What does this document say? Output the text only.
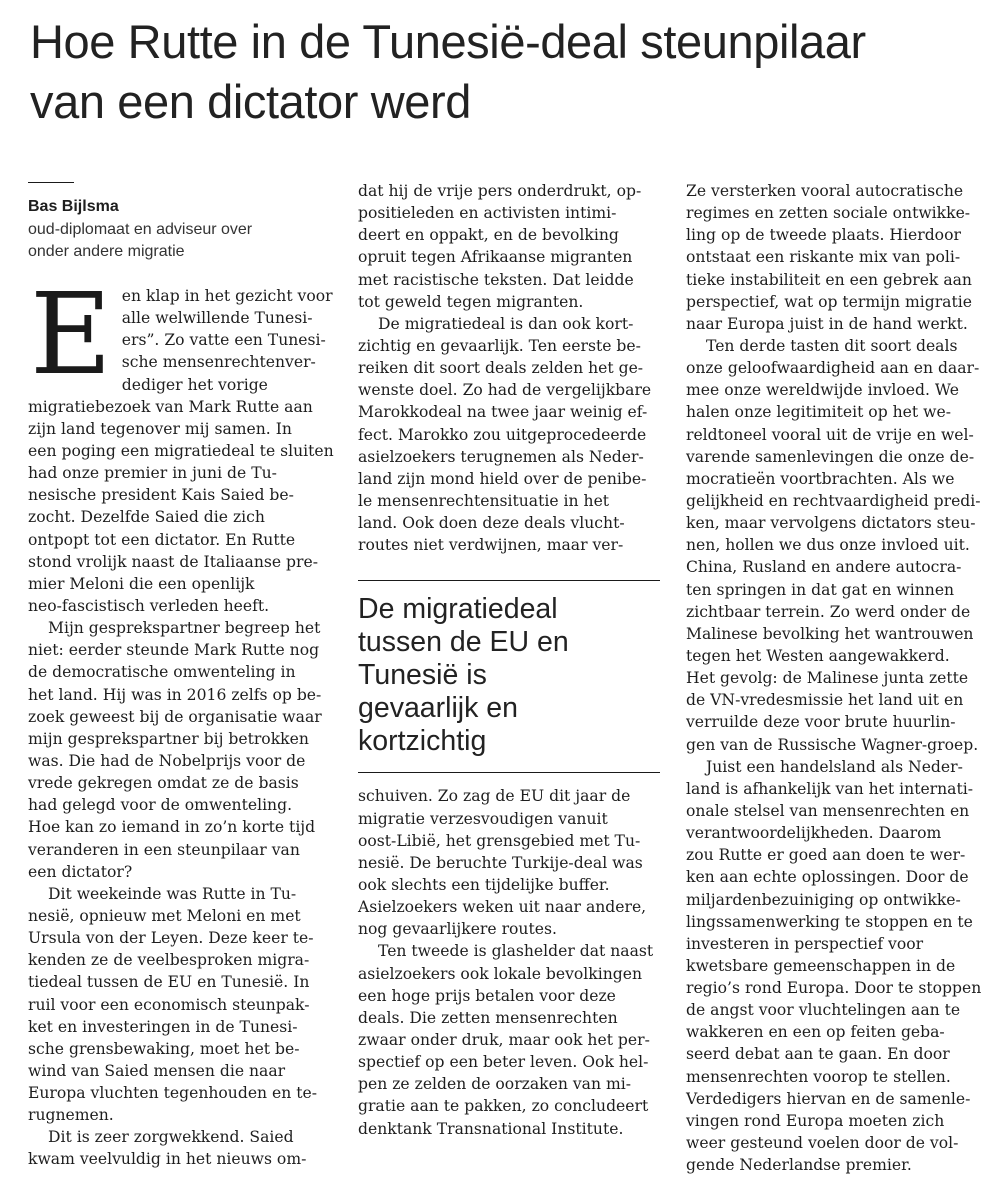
Hoe Rutte in de Tunesië-deal steunpilaar
van een dictator werd
Bas Bijlsma
oud-diplomaat en adviseur over
onder andere migratie
E en klap in het gezicht voor
alle welwillende Tunesi-
ers”. Zo vatte een Tunesi-
sche mensenrechtenver-
dediger het vorige
migratiebezoek van Mark Rutte aan
zijn land tegenover mij samen. In
een poging een migratiedeal te sluiten
had onze premier in juni de Tu-
nesische president Kais Saied be-
zocht. Dezelfde Saied die zich
ontpopt tot een dictator. En Rutte
stond vrolijk naast de Italiaanse pre-
mier Meloni die een openlijk
neo-fascistisch verleden heeft.
Mijn gesprekspartner begreep het
niet: eerder steunde Mark Rutte nog
de democratische omwenteling in
het land. Hij was in 2016 zelfs op be-
zoek geweest bij de organisatie waar
mijn gesprekspartner bij betrokken
was. Die had de Nobelprijs voor de
vrede gekregen omdat ze de basis
had gelegd voor de omwenteling.
Hoe kan zo iemand in zo’n korte tijd
veranderen in een steunpilaar van
een dictator?
Dit weekeinde was Rutte in Tu-
nesië, opnieuw met Meloni en met
Ursula von der Leyen. Deze keer te-
kenden ze de veelbesproken migra-
tiedeal tussen de EU en Tunesië. In
ruil voor een economisch steunpak-
ket en investeringen in de Tunesi-
sche grensbewaking, moet het be-
wind van Saied mensen die naar
Europa vluchten tegenhouden en te-
rugnemen.
Dit is zeer zorgwekkend. Saied
kwam veelvuldig in het nieuws om-
dat hij de vrije pers onderdrukt, op-
positieleden en activisten intimi-
deert en oppakt, en de bevolking
opruit tegen Afrikaanse migranten
met racistische teksten. Dat leidde
tot geweld tegen migranten.
De migratiedeal is dan ook kort-
zichtig en gevaarlijk. Ten eerste be-
reiken dit soort deals zelden het ge-
wenste doel. Zo had de vergelijkbare
Marokkodeal na twee jaar weinig ef-
fect. Marokko zou uitgeprocedeerde
asielzoekers terugnemen als Neder-
land zijn mond hield over de penibe-
le mensenrechtensituatie in het
land. Ook doen deze deals vlucht-
routes niet verdwijnen, maar ver-
De migratiedeal
tussen de EU en
Tunesië is
gevaarlijk en
kortzichtig
schuiven. Zo zag de EU dit jaar de
migratie verzesvoudigen vanuit
oost-Libië, het grensgebied met Tu-
nesië. De beruchte Turkije-deal was
ook slechts een tijdelijke buffer.
Asielzoekers weken uit naar andere,
nog gevaarlijkere routes.
Ten tweede is glashelder dat naast
asielzoekers ook lokale bevolkingen
een hoge prijs betalen voor deze
deals. Die zetten mensenrechten
zwaar onder druk, maar ook het per-
spectief op een beter leven. Ook hel-
pen ze zelden de oorzaken van mi-
gratie aan te pakken, zo concludeert
denktank Transnational Institute.
Ze versterken vooral autocratische
regimes en zetten sociale ontwikke-
ling op de tweede plaats. Hierdoor
ontstaat een riskante mix van poli-
tieke instabiliteit en een gebrek aan
perspectief, wat op termijn migratie
naar Europa juist in de hand werkt.
Ten derde tasten dit soort deals
onze geloofwaardigheid aan en daar-
mee onze wereldwijde invloed. We
halen onze legitimiteit op het we-
reldtoneel vooral uit de vrije en wel-
varende samenlevingen die onze de-
mocratieën voortbrachten. Als we
gelijkheid en rechtvaardigheid predi-
ken, maar vervolgens dictators steu-
nen, hollen we dus onze invloed uit.
China, Rusland en andere autocra-
ten springen in dat gat en winnen
zichtbaar terrein. Zo werd onder de
Malinese bevolking het wantrouwen
tegen het Westen aangewakkerd.
Het gevolg: de Malinese junta zette
de VN-vredesmissie het land uit en
verruilde deze voor brute huurlin-
gen van de Russische Wagner-groep.
Juist een handelsland als Neder-
land is afhankelijk van het internati-
onale stelsel van mensenrechten en
verantwoordelijkheden. Daarom
zou Rutte er goed aan doen te wer-
ken aan echte oplossingen. Door de
miljardenbezuiniging op ontwikke-
lingssamenwerking te stoppen en te
investeren in perspectief voor
kwetsbare gemeenschappen in de
regio’s rond Europa. Door te stoppen
de angst voor vluchtelingen aan te
wakkeren en een op feiten geba-
seerd debat aan te gaan. En door
mensenrechten voorop te stellen.
Verdedigers hiervan en de samenle-
vingen rond Europa moeten zich
weer gesteund voelen door de vol-
gende Nederlandse premier.
